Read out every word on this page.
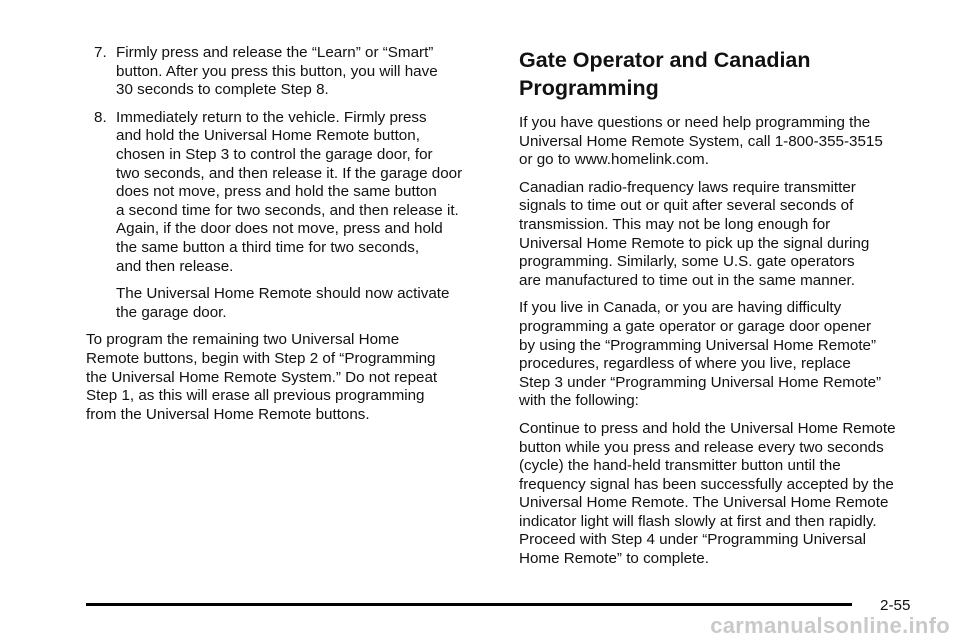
7. Firmly press and release the “Learn” or “Smart”
button. After you press this button, you will have
30 seconds to complete Step 8.
8. Immediately return to the vehicle. Firmly press
and hold the Universal Home Remote button,
chosen in Step 3 to control the garage door, for
two seconds, and then release it. If the garage door
does not move, press and hold the same button
a second time for two seconds, and then release it.
Again, if the door does not move, press and hold
the same button a third time for two seconds,
and then release.
The Universal Home Remote should now activate
the garage door.
To program the remaining two Universal Home
Remote buttons, begin with Step 2 of “Programming
the Universal Home Remote System.” Do not repeat
Step 1, as this will erase all previous programming
from the Universal Home Remote buttons.
Gate Operator and Canadian
Programming
If you have questions or need help programming the
Universal Home Remote System, call 1-800-355-3515
or go to www.homelink.com.
Canadian radio-frequency laws require transmitter
signals to time out or quit after several seconds of
transmission. This may not be long enough for
Universal Home Remote to pick up the signal during
programming. Similarly, some U.S. gate operators
are manufactured to time out in the same manner.
If you live in Canada, or you are having difficulty
programming a gate operator or garage door opener
by using the “Programming Universal Home Remote”
procedures, regardless of where you live, replace
Step 3 under “Programming Universal Home Remote”
with the following:
Continue to press and hold the Universal Home Remote
button while you press and release every two seconds
(cycle) the hand-held transmitter button until the
frequency signal has been successfully accepted by the
Universal Home Remote. The Universal Home Remote
indicator light will flash slowly at first and then rapidly.
Proceed with Step 4 under “Programming Universal
Home Remote” to complete.
2-55
carmanualsonline.info
